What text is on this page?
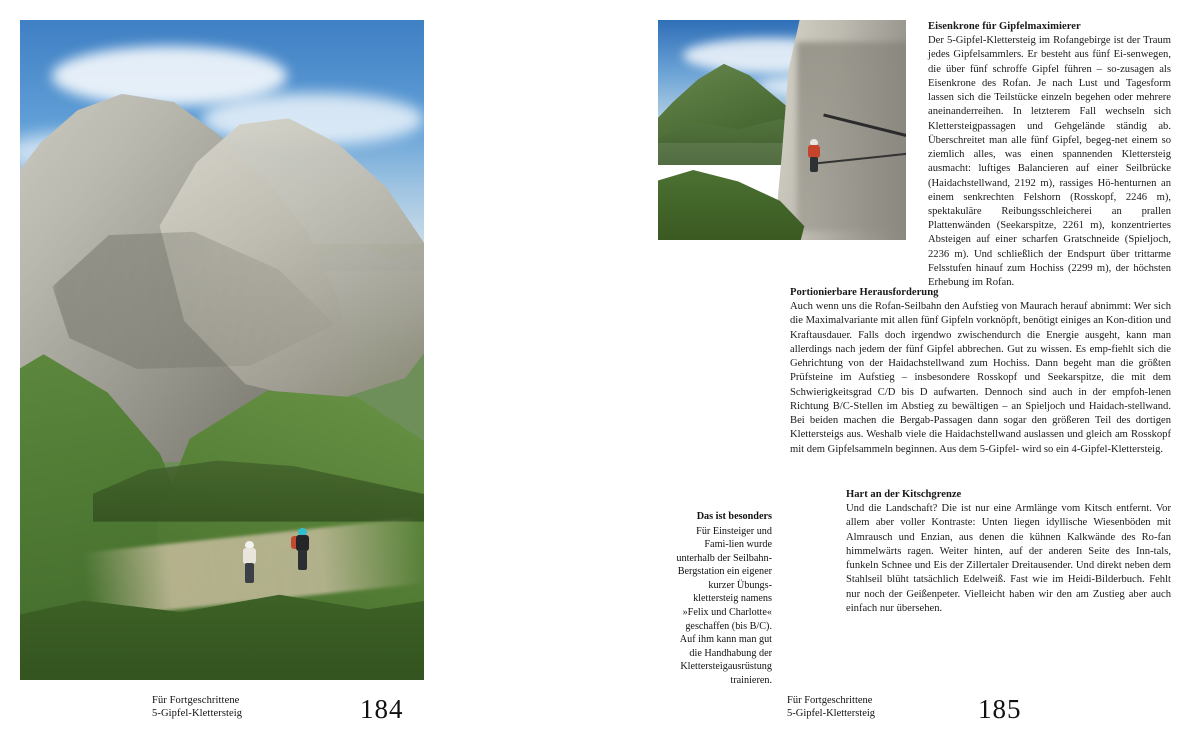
Das ist besonders
Für Einsteiger und Fami-lien wurde unterhalb der Seilbahn-Bergstation ein eigener kurzer Übungs-klettersteig namens »Felix und Charlotte« geschaffen (bis B/C). Auf ihm kann man gut die Handhabung der Klettersteigausrüstung trainieren.
Für Fortgeschrittene
5-Gipfel-Klettersteig	184
Eisenkrone für Gipfelmaximierer

Der 5-Gipfel-Klettersteig im Rofangebirge ist der Traum jedes Gipfelsammlers. Er besteht aus fünf Ei-senwegen, die über fünf schroffe Gipfel führen – so-zusagen als Eisenkrone des Rofan. Je nach Lust und Tagesform lassen sich die Teilstücke einzeln begehen oder mehrere aneinanderreihen. In letzterem Fall wechseln sich Klettersteigpassagen und Gehgelände ständig ab. Überschreitet man alle fünf Gipfel, begeg-net einem so ziemlich alles, was einen spannenden Klettersteig ausmacht: luftiges Balancieren auf einer Seilbrücke (Haidachstellwand, 2192 m), rassiges Hö-henturnen an einem senkrechten Felshorn (Rosskopf, 2246 m), spektakuläre Reibungsschleicherei an prallen Plattenwänden (Seekarspitze, 2261 m), konzentriertes Absteigen auf einer scharfen Gratschneide (Spieljoch, 2236 m). Und schließlich der Endspurt über trittarme Felsstufen hinauf zum Hochiss (2299 m), der höchsten Erhebung im Rofan.

Portionierbare Herausforderung

Auch wenn uns die Rofan-Seilbahn den Aufstieg von Maurach herauf abnimmt: Wer sich die Maximalvariante mit allen fünf Gipfeln vorknöpft, benötigt einiges an Kon-dition und Kraftausdauer. Falls doch irgendwo zwischendurch die Energie ausgeht, kann man allerdings nach jedem der fünf Gipfel abbrechen. Gut zu wissen. Es emp-fiehlt sich die Gehrichtung von der Haidachstellwand zum Hochiss. Dann begeht man die größten Prüfsteine im Aufstieg – insbesondere Rosskopf und Seekarspitze, die mit dem Schwierigkeitsgrad C/D bis D aufwarten. Dennoch sind auch in der empfoh-lenen Richtung B/C-Stellen im Abstieg zu bewältigen – an Spieljoch und Haidach-stellwand. Bei beiden machen die Bergab-Passagen dann sogar den größeren Teil des dortigen Klettersteigs aus. Weshalb viele die Haidachstellwand auslassen und gleich am Rosskopf mit dem Gipfelsammeln beginnen. Aus dem 5-Gipfel- wird so ein 4-Gipfel-Klettersteig.

Hart an der Kitschgrenze

Und die Landschaft? Die ist nur eine Armlänge vom Kitsch entfernt. Vor allem aber voller Kontraste: Unten liegen idyllische Wiesenböden mit Almrausch und Enzian, aus denen die kühnen Kalkwände des Ro-fan himmelwärts ragen. Weiter hinten, auf der anderen Seite des Inn-tals, funkeln Schnee und Eis der Zillertaler Dreitausender. Und direkt neben dem Stahlseil blüht tatsächlich Edelweiß. Fast wie im Heidi-Bilderbuch. Fehlt nur noch der Geißenpeter. Vielleicht haben wir den am Zustieg aber auch einfach nur übersehen.

Für Fortgeschrittene
5-Gipfel-Klettersteig	185
